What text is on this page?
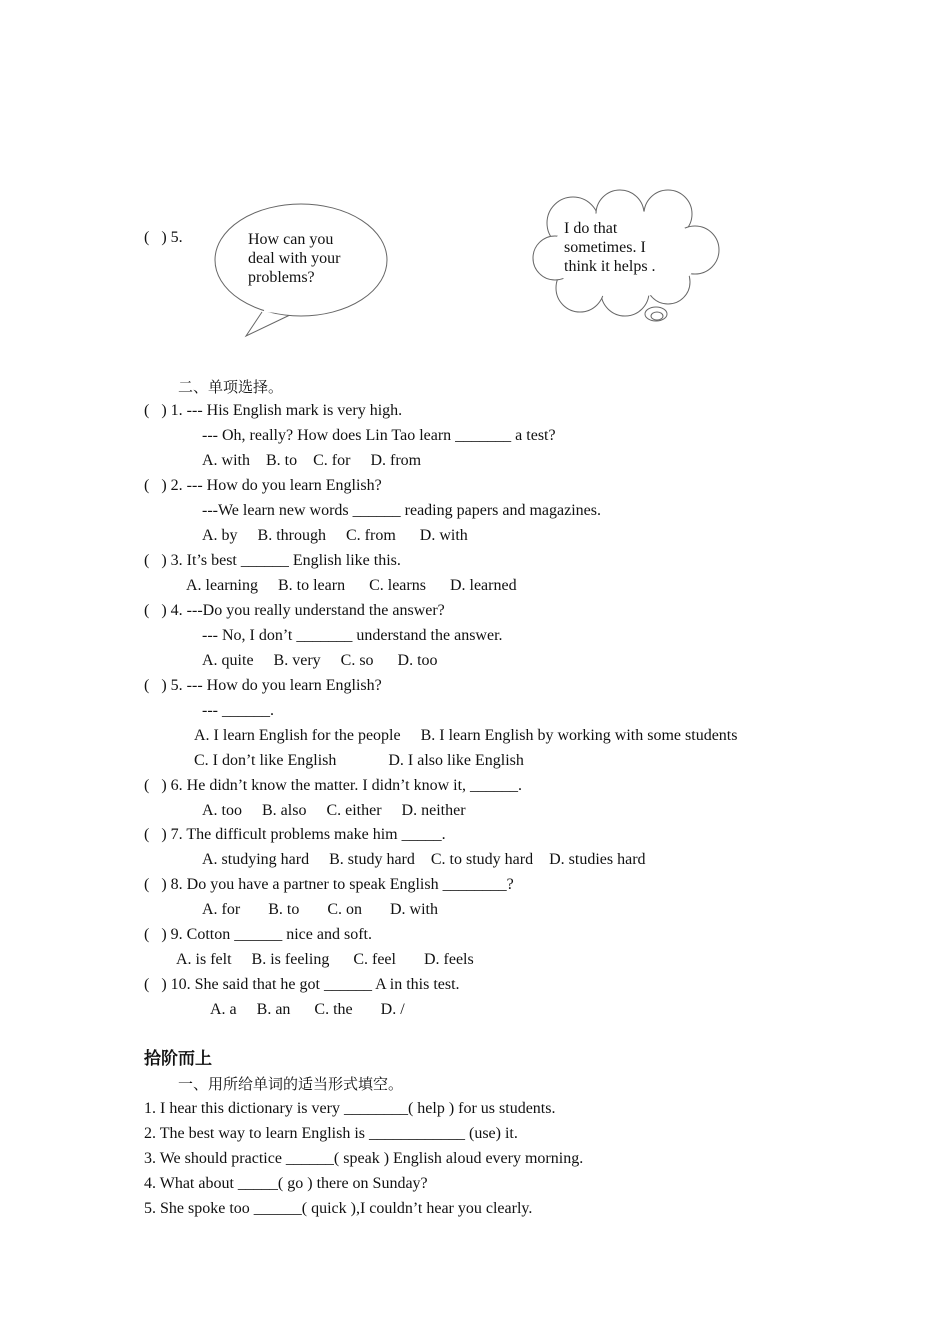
(   ) 5.	How can you
deal with your
problems?
I do that
sometimes. I
think it helps .
二、单项选择。
(   ) 1. --- His English mark is very high.
--- Oh, really? How does Lin Tao learn _______ a test?
A. with    B. to    C. for     D. from
(   ) 2. --- How do you learn English?
---We learn new words ______ reading papers and magazines.
A. by     B. through     C. from      D. with
(   ) 3. It’s best ______ English like this.
A. learning     B. to learn      C. learns      D. learned
(   ) 4. ---Do you really understand the answer?
--- No, I don’t _______ understand the answer.
A. quite     B. very     C. so      D. too
(   ) 5. --- How do you learn English?
--- ______.
A. I learn English for the people     B. I learn English by working with some students
C. I don’t like English             D. I also like English
(   ) 6. He didn’t know the matter. I didn’t know it, ______.
A. too     B. also     C. either     D. neither
(   ) 7. The difficult problems make him _____.
A. studying hard     B. study hard    C. to study hard    D. studies hard
(   ) 8. Do you have a partner to speak English ________?
A. for       B. to       C. on       D. with
(   ) 9. Cotton ______ nice and soft.
A. is felt     B. is feeling      C. feel       D. feels
(   ) 10. She said that he got ______ A in this test.
A. a     B. an      C. the       D. /
拾阶而上
一、用所给单词的适当形式填空。
1. I hear this dictionary is very ________( help ) for us students.
2. The best way to learn English is ____________ (use) it.
3. We should practice ______( speak ) English aloud every morning.
4. What about _____( go ) there on Sunday?
5. She spoke too ______( quick ),I couldn’t hear you clearly.
